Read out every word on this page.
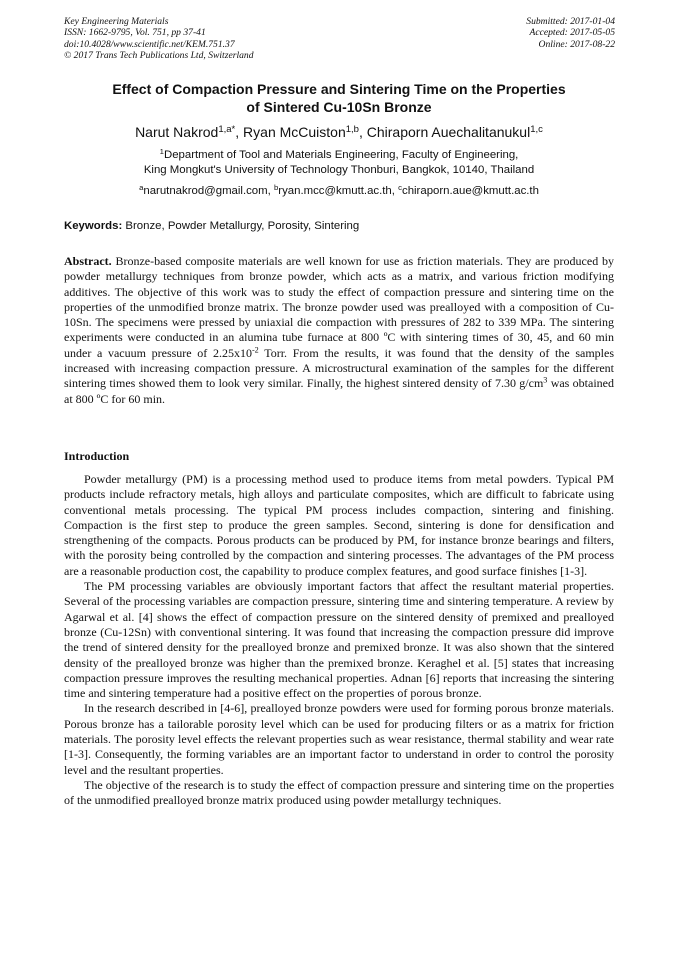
Key Engineering Materials
ISSN: 1662-9795, Vol. 751, pp 37-41
doi:10.4028/www.scientific.net/KEM.751.37
© 2017 Trans Tech Publications Ltd, Switzerland
Submitted: 2017-01-04
Accepted: 2017-05-05
Online: 2017-08-22
Effect of Compaction Pressure and Sintering Time on the Properties
of Sintered Cu-10Sn Bronze
Narut Nakrod$^{1,a*}$, Ryan McCuiston$^{1,b}$, Chiraporn Auechalitanukul$^{1,c}$
$^1$Department of Tool and Materials Engineering, Faculty of Engineering,
King Mongkut's University of Technology Thonburi, Bangkok, 10140, Thailand
$^a$narutnakrod@gmail.com, $^b$ryan.mcc@kmutt.ac.th, $^c$chiraporn.aue@kmutt.ac.th
Keywords: Bronze, Powder Metallurgy, Porosity, Sintering
Abstract. Bronze-based composite materials are well known for use as friction materials. They are produced by powder metallurgy techniques from bronze powder, which acts as a matrix, and various friction modifying additives. The objective of this work was to study the effect of compaction pressure and sintering time on the properties of the unmodified bronze matrix. The bronze powder used was prealloyed with a composition of Cu-10Sn. The specimens were pressed by uniaxial die compaction with pressures of 282 to 339 MPa. The sintering experiments were conducted in an alumina tube furnace at 800 ºC with sintering times of 30, 45, and 60 min under a vacuum pressure of $2.25x10^{-2}$ Torr. From the results, it was found that the density of the samples increased with increasing compaction pressure. A microstructural examination of the samples for the different sintering times showed them to look very similar. Finally, the highest sintered density of 7.30 $g/cm^3$ was obtained at 800 ºC for 60 min.
Introduction

Powder metallurgy (PM) is a processing method used to produce items from metal powders. Typical PM products include refractory metals, high alloys and particulate composites, which are difficult to fabricate using conventional metals processing. The typical PM process includes compaction, sintering and finishing. Compaction is the first step to produce the green samples. Second, sintering is done for densification and strengthening of the compacts. Porous products can be produced by PM, for instance bronze bearings and filters, with the porosity being controlled by the compaction and sintering processes. The advantages of the PM process are a reasonable production cost, the capability to produce complex features, and good surface finishes [1-3].

The PM processing variables are obviously important factors that affect the resultant material properties. Several of the processing variables are compaction pressure, sintering time and sintering temperature. A review by Agarwal et al. [4] shows the effect of compaction pressure on the sintered density of premixed and prealloyed bronze (Cu-12Sn) with conventional sintering. It was found that increasing the compaction pressure did improve the trend of sintered density for the prealloyed bronze and premixed bronze. It was also shown that the sintered density of the prealloyed bronze was higher than the premixed bronze. Keraghel et al. [5] states that increasing compaction pressure improves the resulting mechanical properties. Adnan [6] reports that increasing the sintering time and sintering temperature had a positive effect on the properties of porous bronze.

In the research described in [4-6], prealloyed bronze powders were used for forming porous bronze materials. Porous bronze has a tailorable porosity level which can be used for producing filters or as a matrix for friction materials. The porosity level effects the relevant properties such as wear resistance, thermal stability and wear rate [1-3]. Consequently, the forming variables are an important factor to understand in order to control the porosity level and the resultant properties.

The objective of the research is to study the effect of compaction pressure and sintering time on the properties of the unmodified prealloyed bronze matrix produced using powder metallurgy techniques.
